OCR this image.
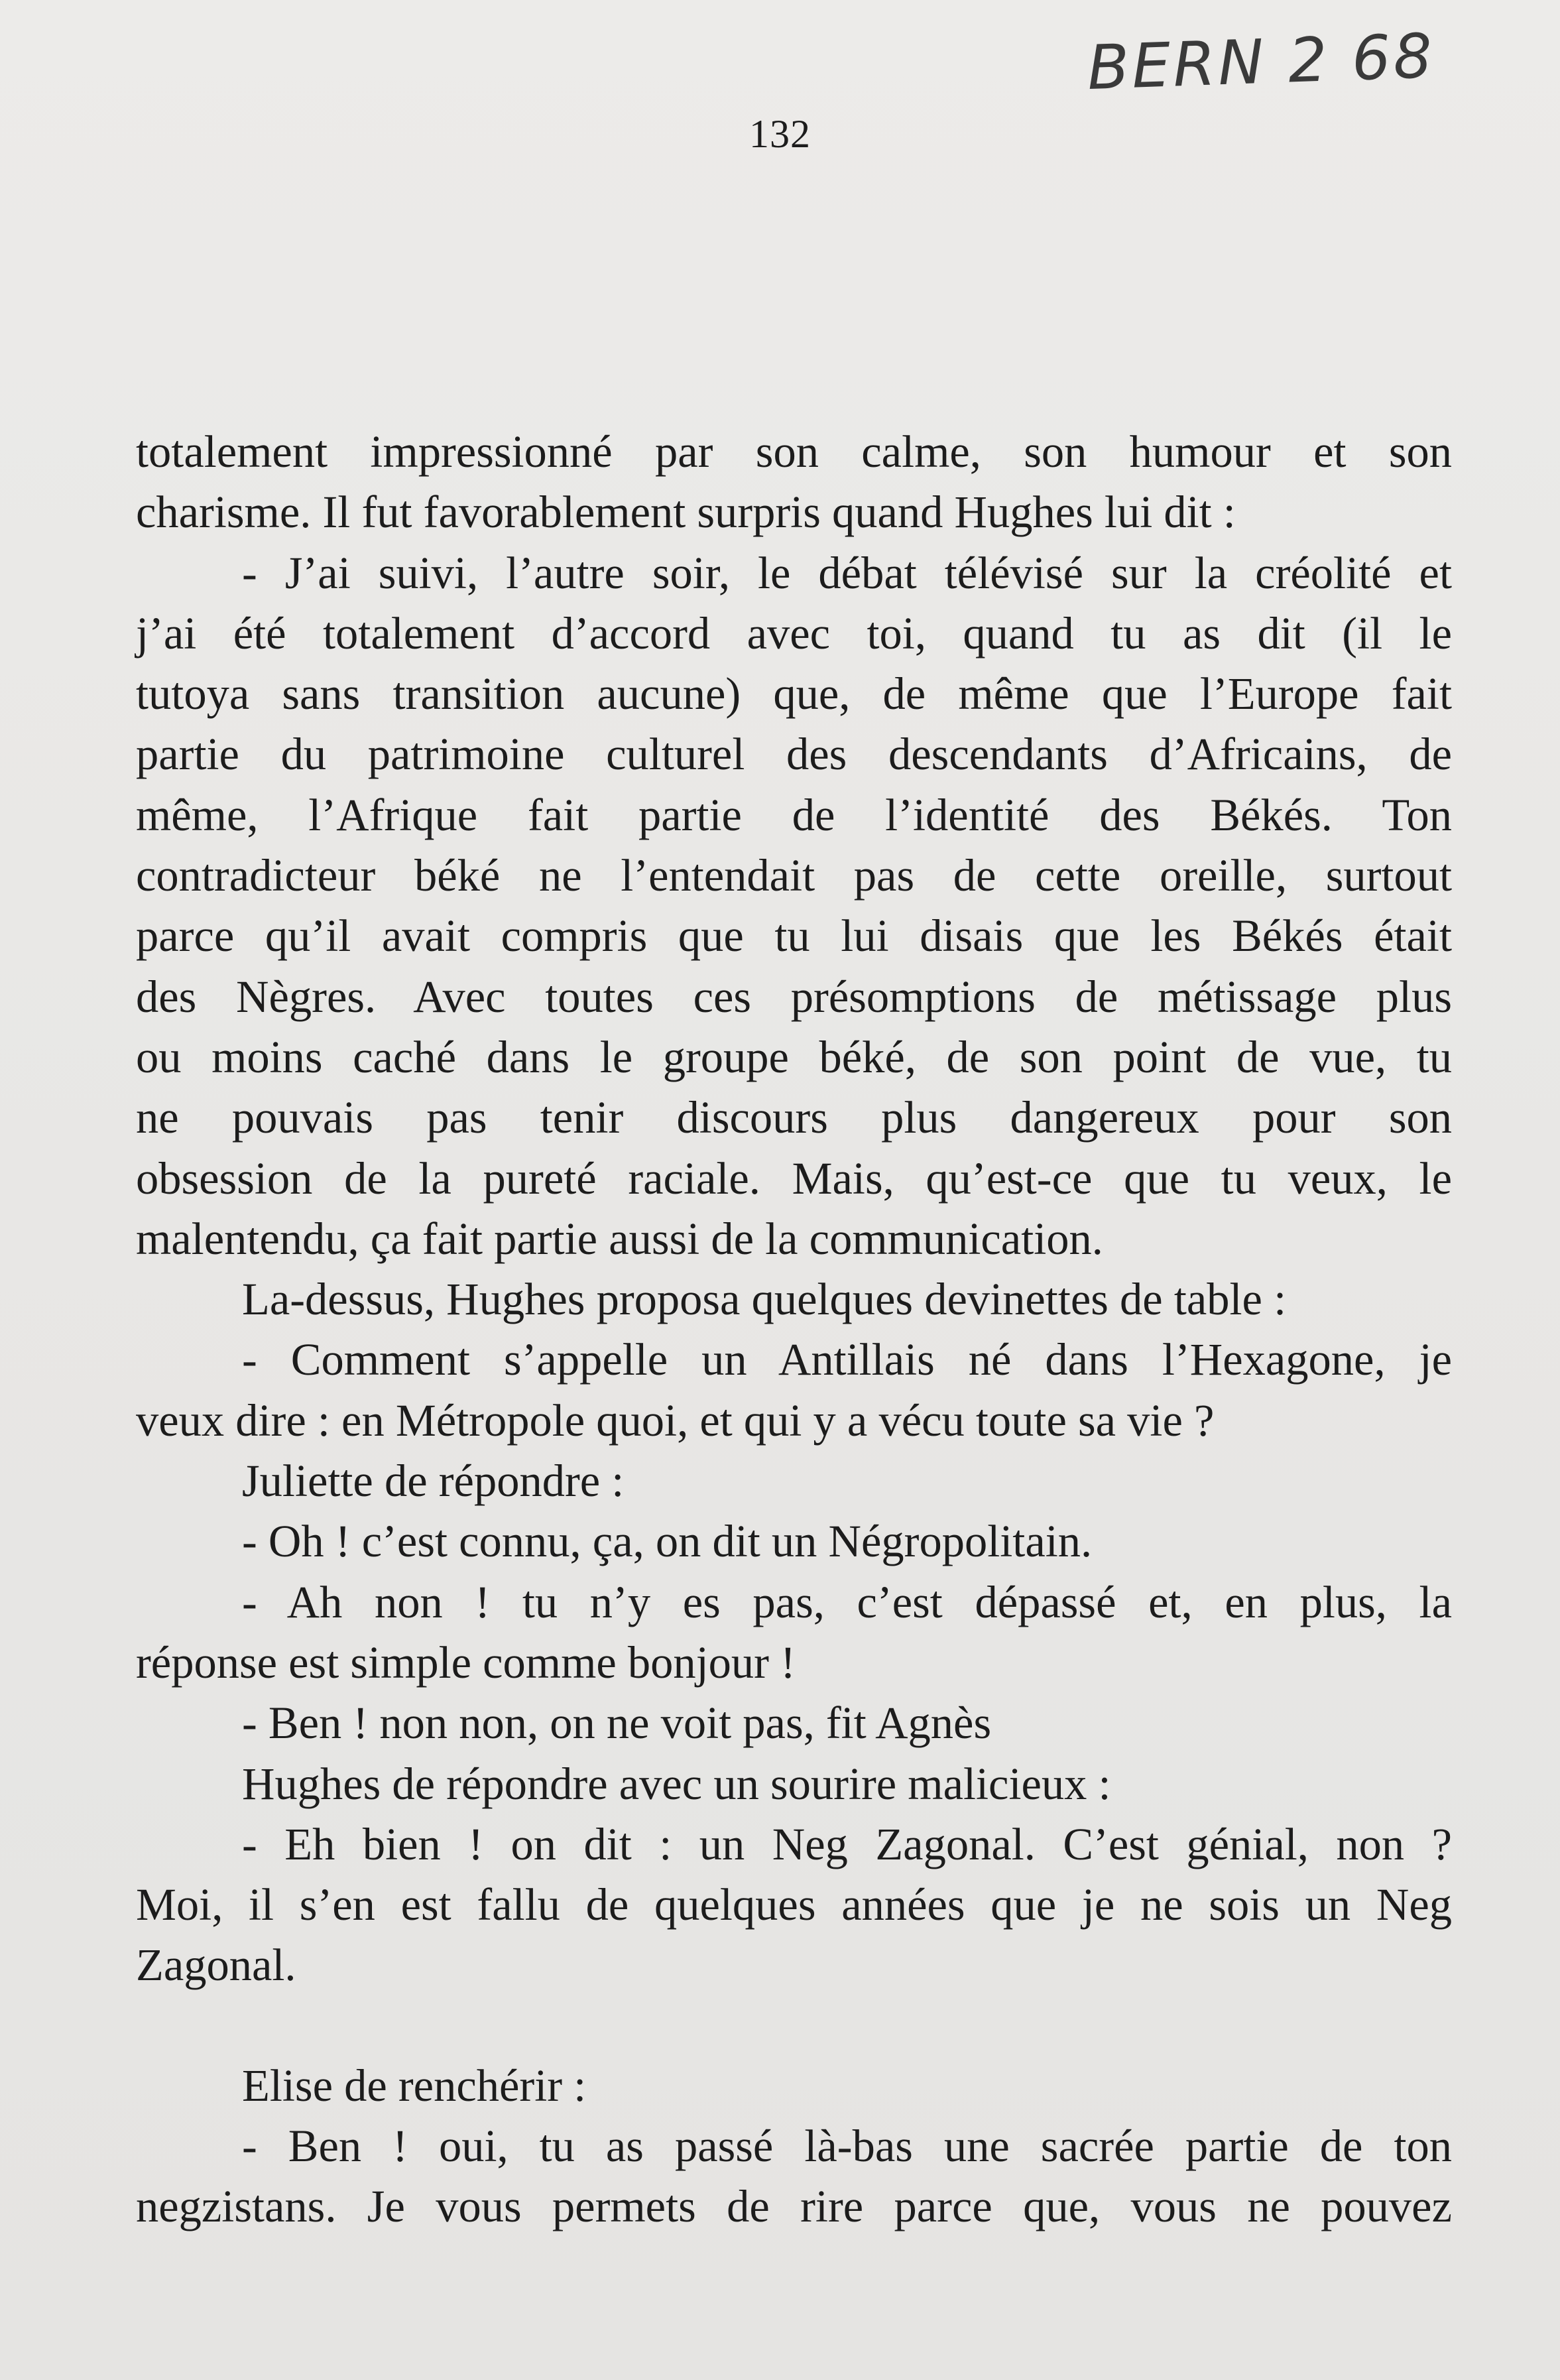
BERN 2 68
132
totalement impressionné par son calme, son humour et son
charisme. Il fut favorablement surpris quand Hughes lui dit :
- J’ai suivi, l’autre soir, le débat télévisé sur la créolité et
j’ai été totalement d’accord avec toi, quand tu as dit (il le
tutoya sans transition aucune) que, de même que l’Europe fait
partie du patrimoine culturel des descendants d’Africains, de
même, l’Afrique fait partie de l’identité des Békés. Ton
contradicteur béké ne l’entendait pas de cette oreille, surtout
parce qu’il avait compris que tu lui disais que les Békés était
des Nègres. Avec toutes ces présomptions de métissage plus
ou moins caché dans le groupe béké, de son point de vue, tu
ne pouvais pas tenir discours plus dangereux pour son
obsession de la pureté raciale. Mais, qu’est-ce que tu veux, le
malentendu, ça fait partie aussi de la communication.
La-dessus, Hughes proposa quelques devinettes de table :
- Comment s’appelle un Antillais né dans l’Hexagone, je
veux dire : en Métropole quoi, et qui y a vécu toute sa vie ?
Juliette de répondre :
- Oh ! c’est connu, ça, on dit un Négropolitain.
- Ah non ! tu n’y es pas, c’est dépassé et, en plus, la
réponse est simple comme bonjour !
- Ben ! non non, on ne voit pas, fit Agnès
Hughes de répondre avec un sourire malicieux :
- Eh bien ! on dit : un Neg Zagonal. C’est génial, non ?
Moi, il s’en est fallu de quelques années que je ne sois un Neg
Zagonal.
Elise de renchérir :
- Ben ! oui, tu as passé là-bas une sacrée partie de ton
negzistans. Je vous permets de rire parce que, vous ne pouvez
